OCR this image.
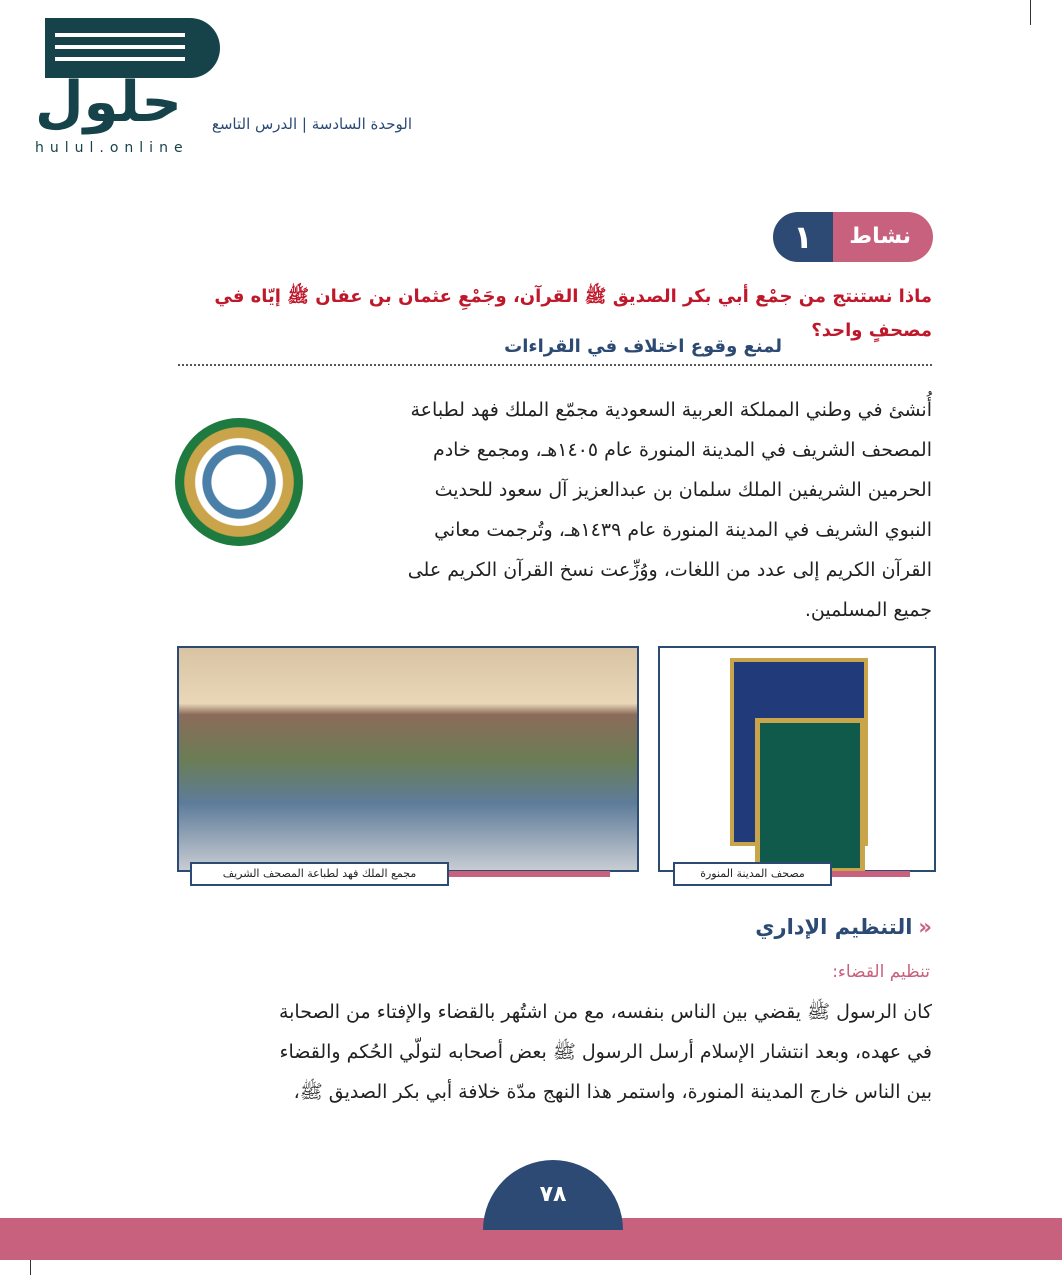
حلول
hulul.online
الوحدة السادسة | الدرس التاسع
نشاط
١
ماذا نستنتج من جمْع أبي بكر الصديق ﷺ القرآن، وجَمْعِ عثمان بن عفان ﷺ إيّاه في مصحفٍ واحد؟
لمنع وقوع اختلاف في القراءات
أُنشئ في وطني المملكة العربية السعودية مجمّع الملك فهد لطباعة
المصحف الشريف في المدينة المنورة عام ١٤٠٥هـ، ومجمع خادم
الحرمين الشريفين الملك سلمان بن عبدالعزيز آل سعود للحديث
النبوي الشريف في المدينة المنورة عام ١٤٣٩هـ، وتُرجمت معاني
القرآن الكريم إلى عدد من اللغات، ووُزِّعت نسخ القرآن الكريم على
جميع المسلمين.
مجمع الملك فهد لطباعة المصحف الشريف	مصحف المدينة المنورة
«التنظيم الإداري
تنظيم القضاء:
كان الرسول ﷺ يقضي بين الناس بنفسه، مع من اشتُهر بالقضاء والإفتاء من الصحابة
في عهده، وبعد انتشار الإسلام أرسل الرسول ﷺ بعض أصحابه لتولّي الحُكم والقضاء
بين الناس خارج المدينة المنورة، واستمر هذا النهج مدّة خلافة أبي بكر الصديق ﷺ،
٧٨
